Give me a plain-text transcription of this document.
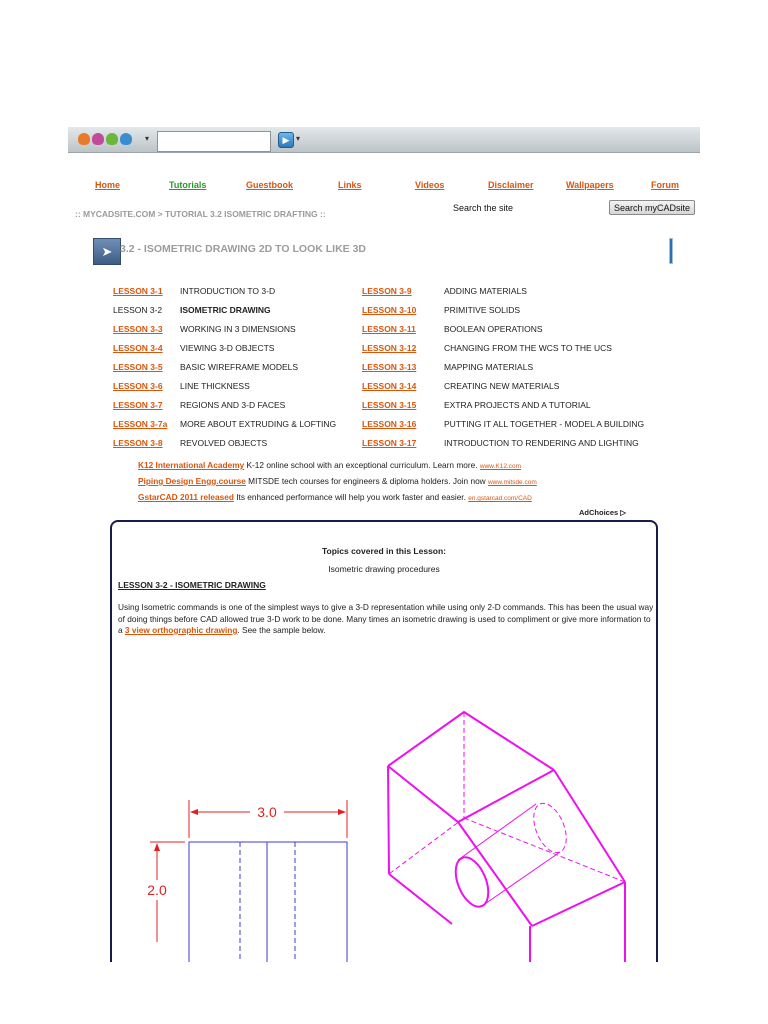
▾	▶ ▾
Home	Tutorials	Guestbook	Links	Videos	Disclaimer	Wallpapers	Forum
:: MYCADSITE.COM > TUTORIAL 3.2 ISOMETRIC DRAFTING ::
Search the site	Search myCADsite
➤ 3.2 - ISOMETRIC DRAWING 2D TO LOOK LIKE 3D
LESSON 3-1 INTRODUCTION TO 3-D
LESSON 3-2 ISOMETRIC DRAWING
LESSON 3-3 WORKING IN 3 DIMENSIONS
LESSON 3-4 VIEWING 3-D OBJECTS
LESSON 3-5 BASIC WIREFRAME MODELS
LESSON 3-6 LINE THICKNESS
LESSON 3-7 REGIONS AND 3-D FACES
LESSON 3-7a MORE ABOUT EXTRUDING & LOFTING
LESSON 3-8 REVOLVED OBJECTS
LESSON 3-9	ADDING MATERIALS
LESSON 3-10	PRIMITIVE SOLIDS
LESSON 3-11	BOOLEAN OPERATIONS
LESSON 3-12	CHANGING FROM THE WCS TO THE UCS
LESSON 3-13	MAPPING MATERIALS
LESSON 3-14	CREATING NEW MATERIALS
LESSON 3-15	EXTRA PROJECTS AND A TUTORIAL
LESSON 3-16	PUTTING IT ALL TOGETHER - MODEL A BUILDING
LESSON 3-17	INTRODUCTION TO RENDERING AND LIGHTING
K12 International Academy K-12 online school with an exceptional curriculum. Learn more. www.K12.com
Piping Design Engg.course MITSDE tech courses for engineers & diploma holders. Join now www.mitsde.com
GstarCAD 2011 released Its enhanced performance will help you work faster and easier. en.gstarcad.com/CAD
AdChoices ▷
Topics covered in this Lesson:
Isometric drawing procedures
LESSON 3-2 - ISOMETRIC DRAWING
Using Isometric commands is one of the simplest ways to give a 3-D representation while using only 2-D commands. This has been the usual way of doing things before CAD allowed true 3-D work to be done. Many times an isometric drawing is used to compliment or give more information to a 3 view orthographic drawing. See the sample below.
3.0
2.0
